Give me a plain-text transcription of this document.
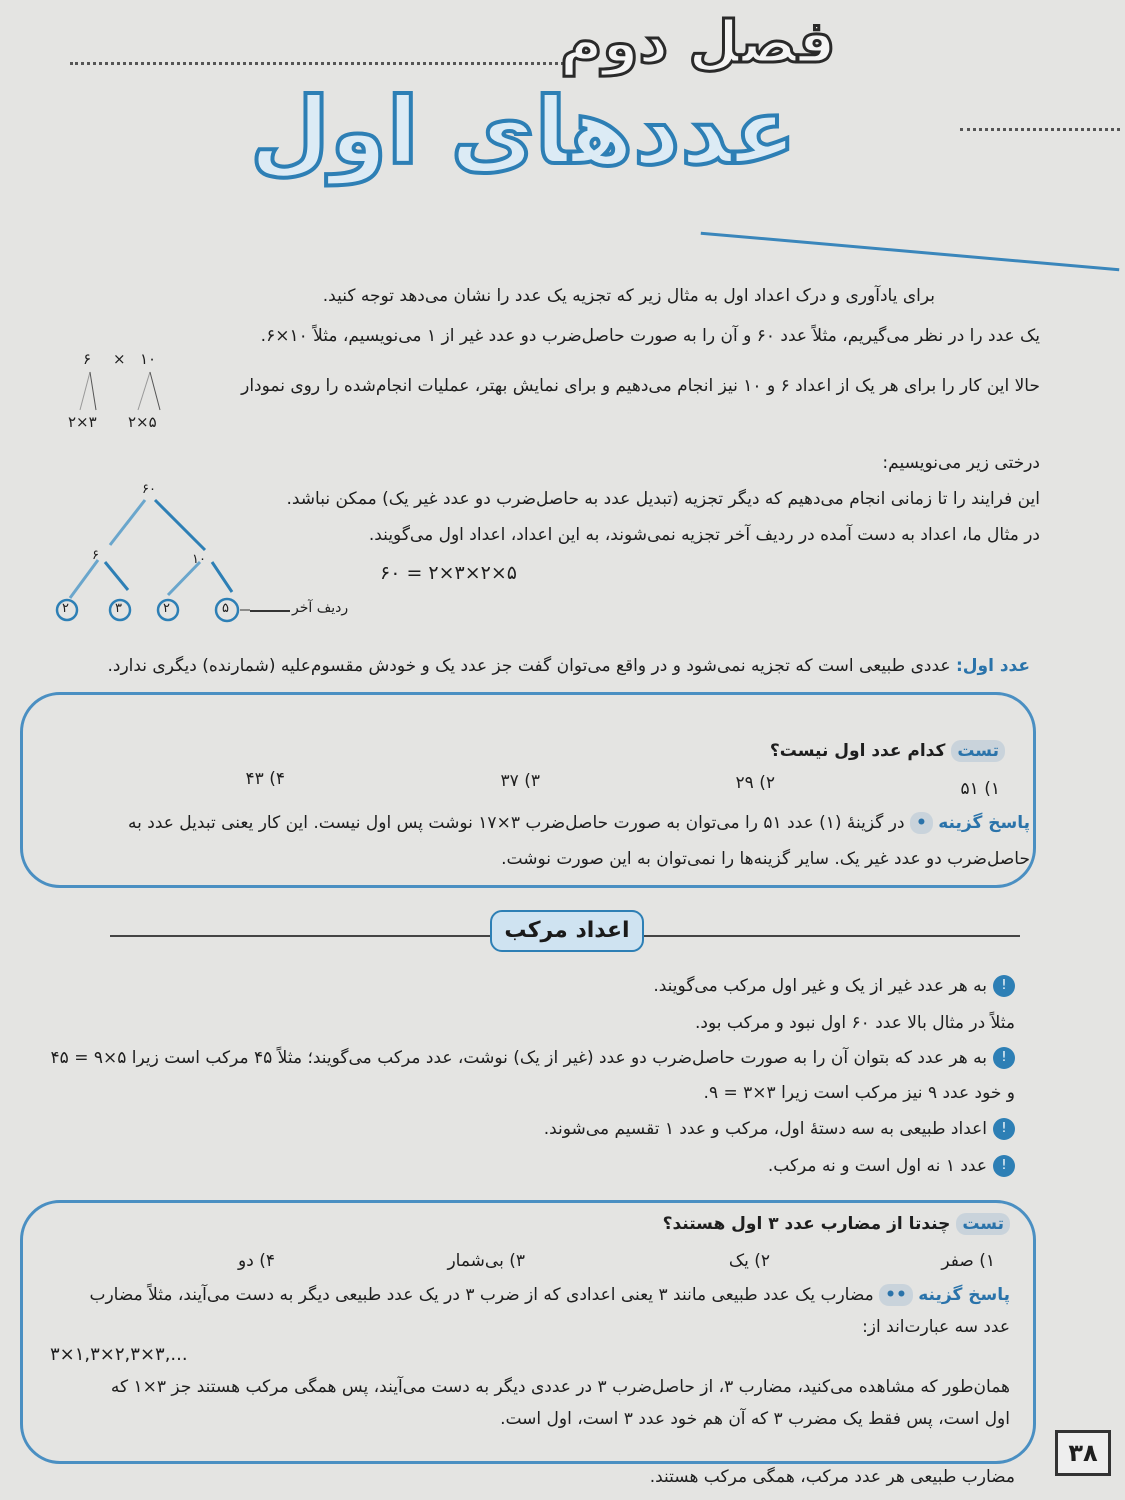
فصل دوم
عددهای اول
برای یادآوری و درک اعداد اول به مثال زیر که تجزیه یک عدد را نشان می‌دهد توجه کنید.
یک عدد را در نظر می‌گیریم، مثلاً عدد ۶۰ و آن را به صورت حاصل‌ضرب دو عدد غیر از ۱ می‌نویسیم، مثلاً ۱۰×۶.
حالا این کار را برای هر یک از اعداد ۶ و ۱۰ نیز انجام می‌دهیم و برای نمایش بهتر، عملیات انجام‌شده را روی نمودار
درختی زیر می‌نویسیم:
این فرایند را تا زمانی انجام می‌دهیم که دیگر تجزیه (تبدیل عدد به حاصل‌ضرب دو عدد غیر یک) ممکن نباشد.
در مثال ما، اعداد به دست آمده در ردیف آخر تجزیه نمی‌شوند، به این اعداد، اعداد اول می‌گویند.
۶۰ = ۲×۳×۲×۵
۶ × ۱۰
۲×۳ ۲×۵
۶۰
۶	۱۰
۲	۳	۲	۵	ردیف آخر
عدد اول: عددی طبیعی است که تجزیه نمی‌شود و در واقع می‌توان گفت جز عدد یک و خودش مقسوم‌علیه (شمارنده) دیگری ندارد.
تست کدام عدد اول نیست؟
۱) ۵۱
۲) ۲۹
۳) ۳۷
۴) ۴۳
پاسخ گزینه • در گزینهٔ (۱) عدد ۵۱ را می‌توان به صورت حاصل‌ضرب ۳×۱۷ نوشت پس اول نیست. این کار یعنی تبدیل عدد به
حاصل‌ضرب دو عدد غیر یک. سایر گزینه‌ها را نمی‌توان به این صورت نوشت.
اعداد مرکب
!به هر عدد غیر از یک و غیر اول مرکب می‌گویند.
مثلاً در مثال بالا عدد ۶۰ اول نبود و مرکب بود.
!به هر عدد که بتوان آن را به صورت حاصل‌ضرب دو عدد (غیر از یک) نوشت، عدد مرکب می‌گویند؛ مثلاً ۴۵ مرکب است زیرا ۵×۹ = ۴۵
و خود عدد ۹ نیز مرکب است زیرا ۳×۳ = ۹.
!اعداد طبیعی به سه دستهٔ اول، مرکب و عدد ۱ تقسیم می‌شوند.
!عدد ۱ نه اول است و نه مرکب.
تست چندتا از مضارب عدد ۳ اول هستند؟
۱) صفر
۲) یک
۳) بی‌شمار
۴) دو
پاسخ گزینه •• مضارب یک عدد طبیعی مانند ۳ یعنی اعدادی که از ضرب ۳ در یک عدد طبیعی دیگر به دست می‌آیند، مثلاً مضارب
عدد سه عبارت‌اند از:
۳×۱,۳×۲,۳×۳,...
همان‌طور که مشاهده می‌کنید، مضارب ۳، از حاصل‌ضرب ۳ در عددی دیگر به دست می‌آیند، پس همگی مرکب هستند جز ۳×۱ که
اول است، پس فقط یک مضرب ۳ که آن هم خود عدد ۳ است، اول است.
۳۸
مضارب طبیعی هر عدد مرکب، همگی مرکب هستند.
